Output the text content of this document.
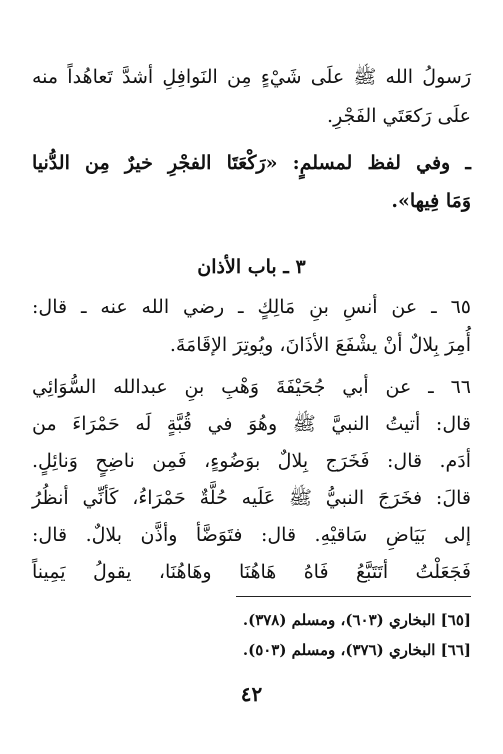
رَسولُ الله ﷺ علَى شَيْءٍ مِن النَوافِلِ أشدَّ تَعاهُداً منه
علَى رَكعَتَي الفَجْرِ.
ـ وفي لفظ لمسلمٍ: «رَكْعَتَا الفجْرِ خيرٌ مِن الدُّنيا
وَمَا فِيها».
٣ ـ باب الأذان
٦٥ ـ عن أنسِ بنِ مَالِكٍ ـ رضي الله عنه ـ قال:
أُمِرَ بِلالٌ أنْ يشْفَعَ الأذَانَ، ويُوتِرَ الإقَامَةَ.
٦٦ ـ عن أبي جُحَيْفَةَ وَهْبِ بنِ عبدالله السُّوَائِي
قال: أتيتُ النبيَّ ﷺ وهُوَ في قُبَّةٍ لَه حَمْرَاءَ من
أدَم. قال: فَخَرَج بِلالٌ بوَضُوءٍ، فَمِن ناضِحٍ وَنائِلٍ.
قالَ: فخَرَجَ النبيُّ ﷺ عَلَيه حُلَّةٌ حَمْرَاءُ، كَأنِّي أنظُرُ
إلى بَيَاضِ سَاقيْهِ. قال: فتَوَضَّأ وأذَّن بلالٌ. قال:
فَجَعَلْتُ أتَتَبَّعُ فَاهُ هَاهُنَا وهَاهُنَا، يقولُ يَمِيناً
[٦٥] البخاري (٦٠٣)، ومسلم (٣٧٨).
[٦٦] البخاري (٣٧٦)، ومسلم (٥٠٣).
٤٢
